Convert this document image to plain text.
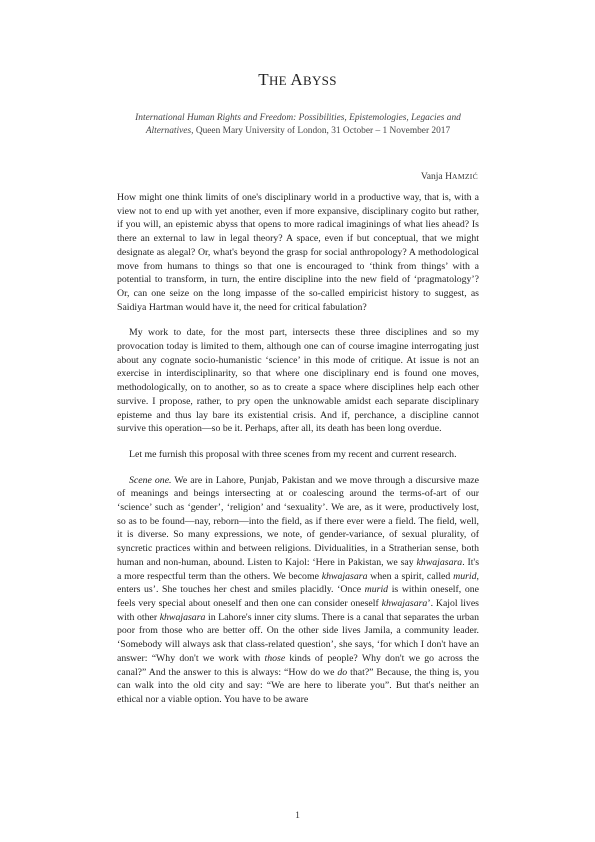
THE ABYSS
International Human Rights and Freedom: Possibilities, Epistemologies, Legacies and Alternatives, Queen Mary University of London, 31 October – 1 November 2017
Vanja HAMZIĆ

How might one think limits of one's disciplinary world in a productive way, that is, with a view not to end up with yet another, even if more expansive, disciplinary cogito but rather, if you will, an epistemic abyss that opens to more radical imaginings of what lies ahead? Is there an external to law in legal theory? A space, even if but conceptual, that we might designate as alegal? Or, what's beyond the grasp for social anthropology? A methodological move from humans to things so that one is encouraged to ‘think from things’ with a potential to transform, in turn, the entire discipline into the new field of ‘pragmatology’? Or, can one seize on the long impasse of the so-called empiricist history to suggest, as Saidiya Hartman would have it, the need for critical fabulation?

My work to date, for the most part, intersects these three disciplines and so my provocation today is limited to them, although one can of course imagine interrogating just about any cognate socio-humanistic ‘science’ in this mode of critique. At issue is not an exercise in interdisciplinarity, so that where one disciplinary end is found one moves, methodologically, on to another, so as to create a space where disciplines help each other survive. I propose, rather, to pry open the unknowable amidst each separate disciplinary episteme and thus lay bare its existential crisis. And if, perchance, a discipline cannot survive this operation—so be it. Perhaps, after all, its death has been long overdue.

Let me furnish this proposal with three scenes from my recent and current research.

Scene one. We are in Lahore, Punjab, Pakistan and we move through a discursive maze of meanings and beings intersecting at or coalescing around the terms-of-art of our ‘science’ such as ‘gender’, ‘religion’ and ‘sexuality’. We are, as it were, productively lost, so as to be found—nay, reborn—into the field, as if there ever were a field. The field, well, it is diverse. So many expressions, we note, of gender-variance, of sexual plurality, of syncretic practices within and between religions. Dividualities, in a Stratherian sense, both human and non-human, abound. Listen to Kajol: ‘Here in Pakistan, we say khwajasara. It's a more respectful term than the others. We become khwajasara when a spirit, called murid, enters us’. She touches her chest and smiles placidly. ‘Once murid is within oneself, one feels very special about oneself and then one can consider oneself khwajasara’. Kajol lives with other khwajasara in Lahore's inner city slums. There is a canal that separates the urban poor from those who are better off. On the other side lives Jamila, a community leader. ‘Somebody will always ask that class-related question’, she says, ‘for which I don't have an answer: “Why don't we work with those kinds of people? Why don't we go across the canal?” And the answer to this is always: “How do we do that?” Because, the thing is, you can walk into the old city and say: “We are here to liberate you”. But that's neither an ethical nor a viable option. You have to be aware

1
